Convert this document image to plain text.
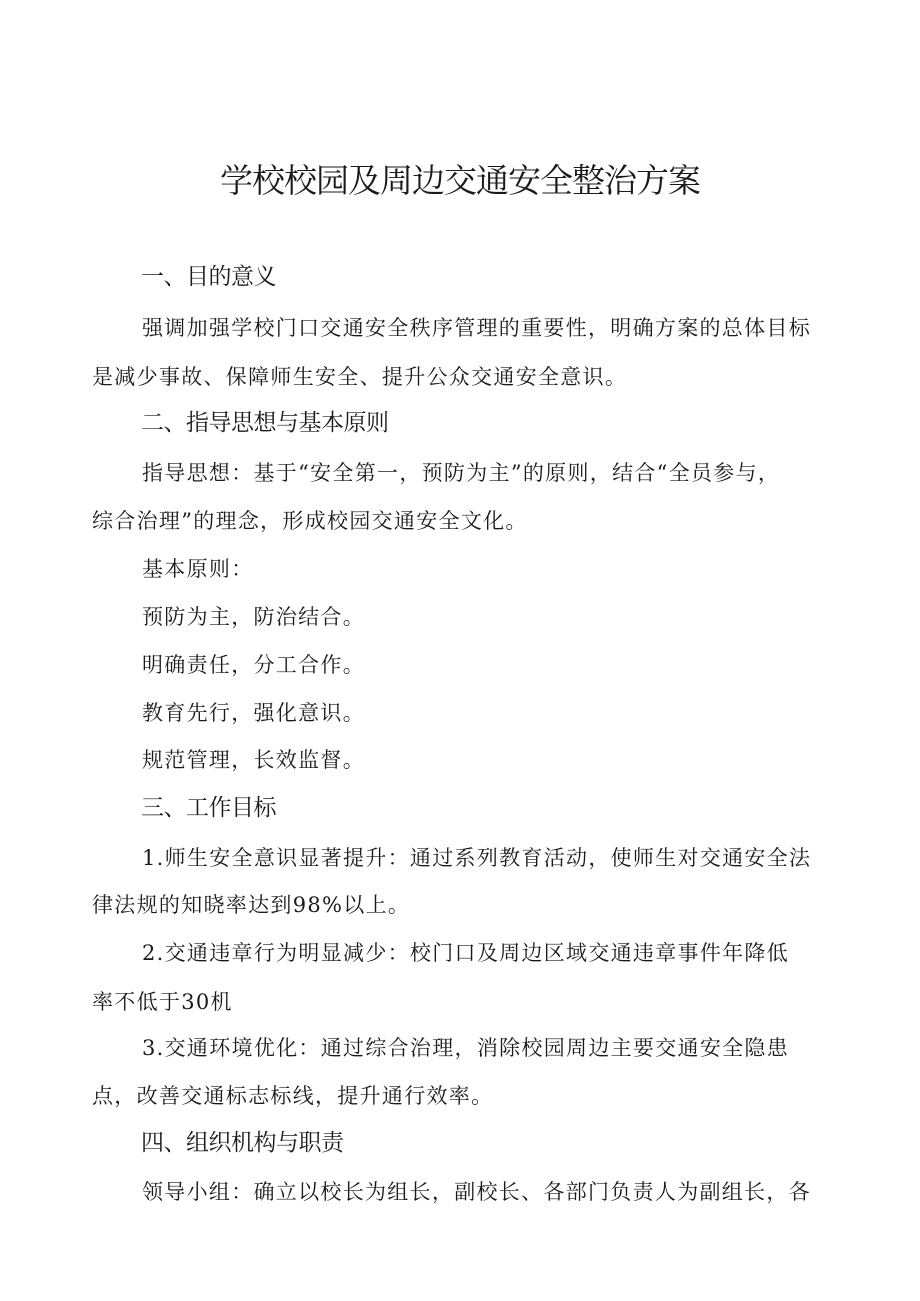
学校校园及周边交通安全整治方案

一、目的意义

强调加强学校门口交通安全秩序管理的重要性，明确方案的总体目标

是减少事故、保障师生安全、提升公众交通安全意识。

二、指导思想与基本原则

指导思想：基于“安全第一，预防为主”的原则，结合“全员参与，

综合治理”的理念，形成校园交通安全文化。

基本原则：

预防为主，防治结合。

明确责任，分工合作。

教育先行，强化意识。

规范管理，长效监督。

三、工作目标

1.师生安全意识显著提升：通过系列教育活动，使师生对交通安全法

律法规的知晓率达到98%以上。

2.交通违章行为明显减少：校门口及周边区域交通违章事件年降低

率不低于30机

3.交通环境优化：通过综合治理，消除校园周边主要交通安全隐患

点，改善交通标志标线，提升通行效率。

四、组织机构与职责

领导小组：确立以校长为组长，副校长、各部门负责人为副组长，各
